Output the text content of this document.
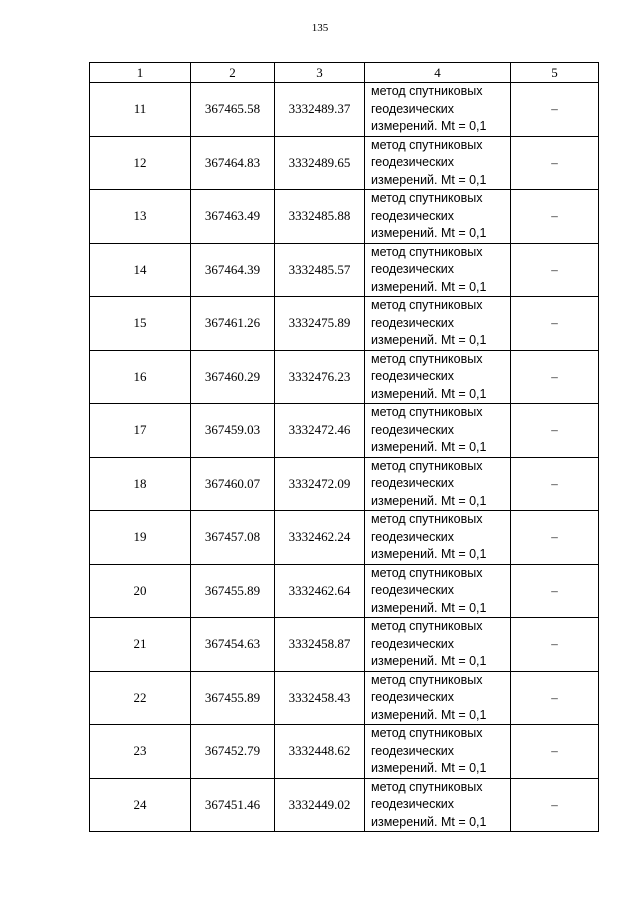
135
1	2	3	4	5
11	367465.58	3332489.37	метод спутниковых
геодезических
измерений. Mt = 0,1	–
12	367464.83	3332489.65	метод спутниковых
геодезических
измерений. Mt = 0,1	–
13	367463.49	3332485.88	метод спутниковых
геодезических
измерений. Mt = 0,1	–
14	367464.39	3332485.57	метод спутниковых
геодезических
измерений. Mt = 0,1	–
15	367461.26	3332475.89	метод спутниковых
геодезических
измерений. Mt = 0,1	–
16	367460.29	3332476.23	метод спутниковых
геодезических
измерений. Mt = 0,1	–
17	367459.03	3332472.46	метод спутниковых
геодезических
измерений. Mt = 0,1	–
18	367460.07	3332472.09	метод спутниковых
геодезических
измерений. Mt = 0,1	–
19	367457.08	3332462.24	метод спутниковых
геодезических
измерений. Mt = 0,1	–
20	367455.89	3332462.64	метод спутниковых
геодезических
измерений. Mt = 0,1	–
21	367454.63	3332458.87	метод спутниковых
геодезических
измерений. Mt = 0,1	–
22	367455.89	3332458.43	метод спутниковых
геодезических
измерений. Mt = 0,1	–
23	367452.79	3332448.62	метод спутниковых
геодезических
измерений. Mt = 0,1	–
24	367451.46	3332449.02	метод спутниковых
геодезических
измерений. Mt = 0,1	–
